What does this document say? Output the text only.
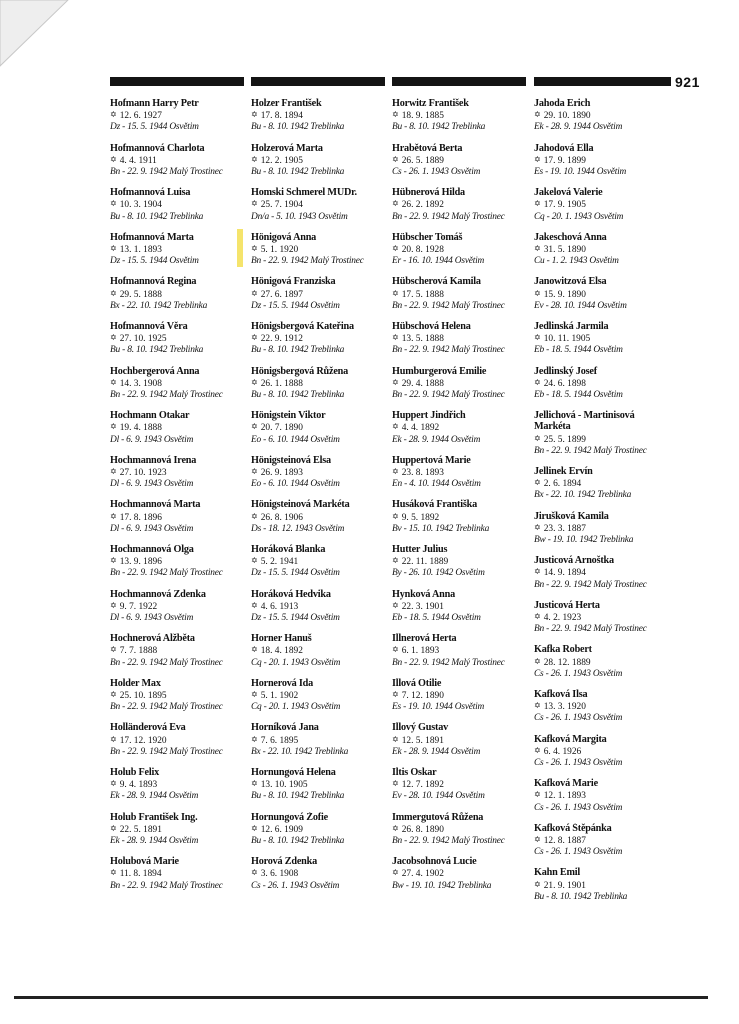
921
Hofmann Harry Petr
✡ 12. 6. 1927
Dz - 15. 5. 1944 Osvětim
Hofmannová Charlota
✡ 4. 4. 1911
Bn - 22. 9. 1942 Malý Trostinec
Hofmannová Luisa
✡ 10. 3. 1904
Bu - 8. 10. 1942 Treblinka
Hofmannová Marta
✡ 13. 1. 1893
Dz - 15. 5. 1944 Osvětim
Hofmannová Regina
✡ 29. 5. 1888
Bx - 22. 10. 1942 Treblinka
Hofmannová Věra
✡ 27. 10. 1925
Bu - 8. 10. 1942 Treblinka
Hochbergerová Anna
✡ 14. 3. 1908
Bn - 22. 9. 1942 Malý Trostinec
Hochmann Otakar
✡ 19. 4. 1888
Dl - 6. 9. 1943 Osvětim
Hochmannová Irena
✡ 27. 10. 1923
Dl - 6. 9. 1943 Osvětim
Hochmannová Marta
✡ 17. 8. 1896
Dl - 6. 9. 1943 Osvětim
Hochmannová Olga
✡ 13. 9. 1896
Bn - 22. 9. 1942 Malý Trostinec
Hochmannová Zdenka
✡ 9. 7. 1922
Dl - 6. 9. 1943 Osvětim
Hochnerová Alžběta
✡ 7. 7. 1888
Bn - 22. 9. 1942 Malý Trostinec
Holder Max
✡ 25. 10. 1895
Bn - 22. 9. 1942 Malý Trostinec
Holländerová Eva
✡ 17. 12. 1920
Bn - 22. 9. 1942 Malý Trostinec
Holub Felix
✡ 9. 4. 1893
Ek - 28. 9. 1944 Osvětim
Holub František Ing.
✡ 22. 5. 1891
Ek - 28. 9. 1944 Osvětim
Holubová Marie
✡ 11. 8. 1894
Bn - 22. 9. 1942 Malý Trostinec
Holzer František
✡ 17. 8. 1894
Bu - 8. 10. 1942 Treblinka
Holzerová Marta
✡ 12. 2. 1905
Bu - 8. 10. 1942 Treblinka
Homski Schmerel MUDr.
✡ 25. 7. 1904
Dn/a - 5. 10. 1943 Osvětim
Hönigová Anna
✡ 5. 1. 1920
Bn - 22. 9. 1942 Malý Trostinec
Hönigová Franziska
✡ 27. 6. 1897
Dz - 15. 5. 1944 Osvětim
Hönigsbergová Kateřina
✡ 22. 9. 1912
Bu - 8. 10. 1942 Treblinka
Hönigsbergová Růžena
✡ 26. 1. 1888
Bu - 8. 10. 1942 Treblinka
Hönigstein Viktor
✡ 20. 7. 1890
Eo - 6. 10. 1944 Osvětim
Hönigsteinová Elsa
✡ 26. 9. 1893
Eo - 6. 10. 1944 Osvětim
Hönigsteinová Markéta
✡ 26. 8. 1906
Ds - 18. 12. 1943 Osvětim
Horáková Blanka
✡ 5. 2. 1941
Dz - 15. 5. 1944 Osvětim
Horáková Hedvika
✡ 4. 6. 1913
Dz - 15. 5. 1944 Osvětim
Horner Hanuš
✡ 18. 4. 1892
Cq - 20. 1. 1943 Osvětim
Hornerová Ida
✡ 5. 1. 1902
Cq - 20. 1. 1943 Osvětim
Horníková Jana
✡ 7. 6. 1895
Bx - 22. 10. 1942 Treblinka
Hornungová Helena
✡ 13. 10. 1905
Bu - 8. 10. 1942 Treblinka
Hornungová Žofie
✡ 12. 6. 1909
Bu - 8. 10. 1942 Treblinka
Horová Zdenka
✡ 3. 6. 1908
Cs - 26. 1. 1943 Osvětim
Horwitz František
✡ 18. 9. 1885
Bu - 8. 10. 1942 Treblinka
Hrabětová Berta
✡ 26. 5. 1889
Cs - 26. 1. 1943 Osvětim
Hübnerová Hilda
✡ 26. 2. 1892
Bn - 22. 9. 1942 Malý Trostinec
Hübscher Tomáš
✡ 20. 8. 1928
Er - 16. 10. 1944 Osvětim
Hübscherová Kamila
✡ 17. 5. 1888
Bn - 22. 9. 1942 Malý Trostinec
Hübschová Helena
✡ 13. 5. 1888
Bn - 22. 9. 1942 Malý Trostinec
Humburgerová Emilie
✡ 29. 4. 1888
Bn - 22. 9. 1942 Malý Trostinec
Huppert Jindřich
✡ 4. 4. 1892
Ek - 28. 9. 1944 Osvětim
Huppertová Marie
✡ 23. 8. 1893
En - 4. 10. 1944 Osvětim
Husáková Františka
✡ 9. 5. 1892
Bv - 15. 10. 1942 Treblinka
Hutter Julius
✡ 22. 11. 1889
By - 26. 10. 1942 Osvětim
Hynková Anna
✡ 22. 3. 1901
Eb - 18. 5. 1944 Osvětim
Illnerová Herta
✡ 6. 1. 1893
Bn - 22. 9. 1942 Malý Trostinec
Illová Otilie
✡ 7. 12. 1890
Es - 19. 10. 1944 Osvětim
Illový Gustav
✡ 12. 5. 1891
Ek - 28. 9. 1944 Osvětim
Iltis Oskar
✡ 12. 7. 1892
Ev - 28. 10. 1944 Osvětim
Immergutová Růžena
✡ 26. 8. 1890
Bn - 22. 9. 1942 Malý Trostinec
Jacobsohnová Lucie
✡ 27. 4. 1902
Bw - 19. 10. 1942 Treblinka
Jahoda Erich
✡ 29. 10. 1890
Ek - 28. 9. 1944 Osvětim
Jahodová Ella
✡ 17. 9. 1899
Es - 19. 10. 1944 Osvětim
Jakelová Valerie
✡ 17. 9. 1905
Cq - 20. 1. 1943 Osvětim
Jakeschová Anna
✡ 31. 5. 1890
Cu - 1. 2. 1943 Osvětim
Janowitzová Elsa
✡ 15. 9. 1890
Ev - 28. 10. 1944 Osvětim
Jedlinská Jarmila
✡ 10. 11. 1905
Eb - 18. 5. 1944 Osvětim
Jedlinský Josef
✡ 24. 6. 1898
Eb - 18. 5. 1944 Osvětim
Jellichová - Martinisová
Markéta
✡ 25. 5. 1899
Bn - 22. 9. 1942 Malý Trostinec
Jellinek Ervín
✡ 2. 6. 1894
Bx - 22. 10. 1942 Treblinka
Jirušková Kamila
✡ 23. 3. 1887
Bw - 19. 10. 1942 Treblinka
Justicová Arnoštka
✡ 14. 9. 1894
Bn - 22. 9. 1942 Malý Trostinec
Justicová Herta
✡ 4. 2. 1923
Bn - 22. 9. 1942 Malý Trostinec
Kafka Robert
✡ 28. 12. 1889
Cs - 26. 1. 1943 Osvětim
Kafková Ilsa
✡ 13. 3. 1920
Cs - 26. 1. 1943 Osvětim
Kafková Margita
✡ 6. 4. 1926
Cs - 26. 1. 1943 Osvětim
Kafková Marie
✡ 12. 1. 1893
Cs - 26. 1. 1943 Osvětim
Kafková Štěpánka
✡ 12. 8. 1887
Cs - 26. 1. 1943 Osvětim
Kahn Emil
✡ 21. 9. 1901
Bu - 8. 10. 1942 Treblinka
